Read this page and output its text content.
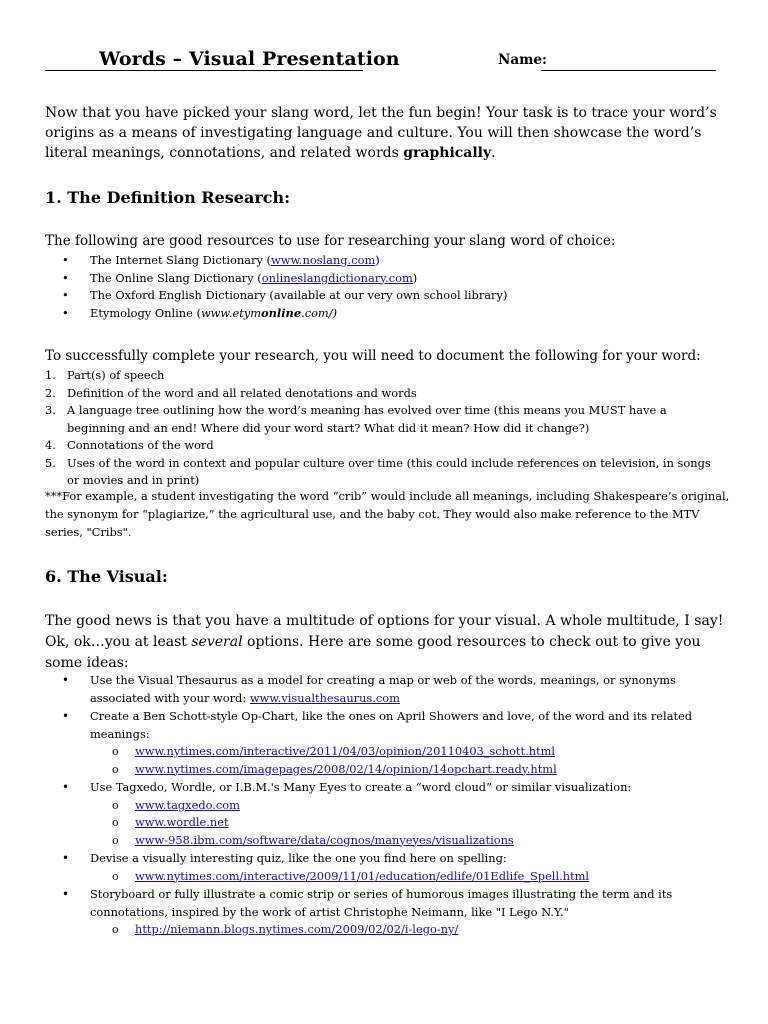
Words – Visual Presentation	Name:
Now that you have picked your slang word, let the fun begin! Your task is to trace your word’s origins as a means of investigating language and culture. You will then showcase the word’s literal meanings, connotations, and related words graphically.
1. The Definition Research:
The following are good resources to use for researching your slang word of choice:
• The Internet Slang Dictionary (www.noslang.com)
• The Online Slang Dictionary (onlineslangdictionary.com)
• The Oxford English Dictionary (available at our very own school library)
• Etymology Online (www.etymonline.com/)
To successfully complete your research, you will need to document the following for your word:
1. Part(s) of speech
2. Definition of the word and all related denotations and words
3. A language tree outlining how the word’s meaning has evolved over time (this means you MUST have a beginning and an end! Where did your word start? What did it mean? How did it change?)
4. Connotations of the word
5. Uses of the word in context and popular culture over time (this could include references on television, in songs or movies and in print)
***For example, a student investigating the word “crib” would include all meanings, including Shakespeare’s original, the synonym for “plagiarize,” the agricultural use, and the baby cot. They would also make reference to the MTV series, "Cribs".
6. The Visual:
The good news is that you have a multitude of options for your visual. A whole multitude, I say! Ok, ok…you at least several options. Here are some good resources to check out to give you some ideas:
• Use the Visual Thesaurus as a model for creating a map or web of the words, meanings, or synonyms associated with your word: www.visualthesaurus.com
• Create a Ben Schott-style Op-Chart, like the ones on April Showers and love, of the word and its related meanings:
o www.nytimes.com/interactive/2011/04/03/opinion/20110403_schott.html
o www.nytimes.com/imagepages/2008/02/14/opinion/14opchart.ready.html
• Use Tagxedo, Wordle, or I.B.M.'s Many Eyes to create a “word cloud” or similar visualization:
o www.tagxedo.com
o www.wordle.net
o www-958.ibm.com/software/data/cognos/manyeyes/visualizations
• Devise a visually interesting quiz, like the one you find here on spelling:
o www.nytimes.com/interactive/2009/11/01/education/edlife/01Edlife_Spell.html
• Storyboard or fully illustrate a comic strip or series of humorous images illustrating the term and its connotations, inspired by the work of artist Christophe Neimann, like "I Lego N.Y."
o http://niemann.blogs.nytimes.com/2009/02/02/i-lego-ny/
